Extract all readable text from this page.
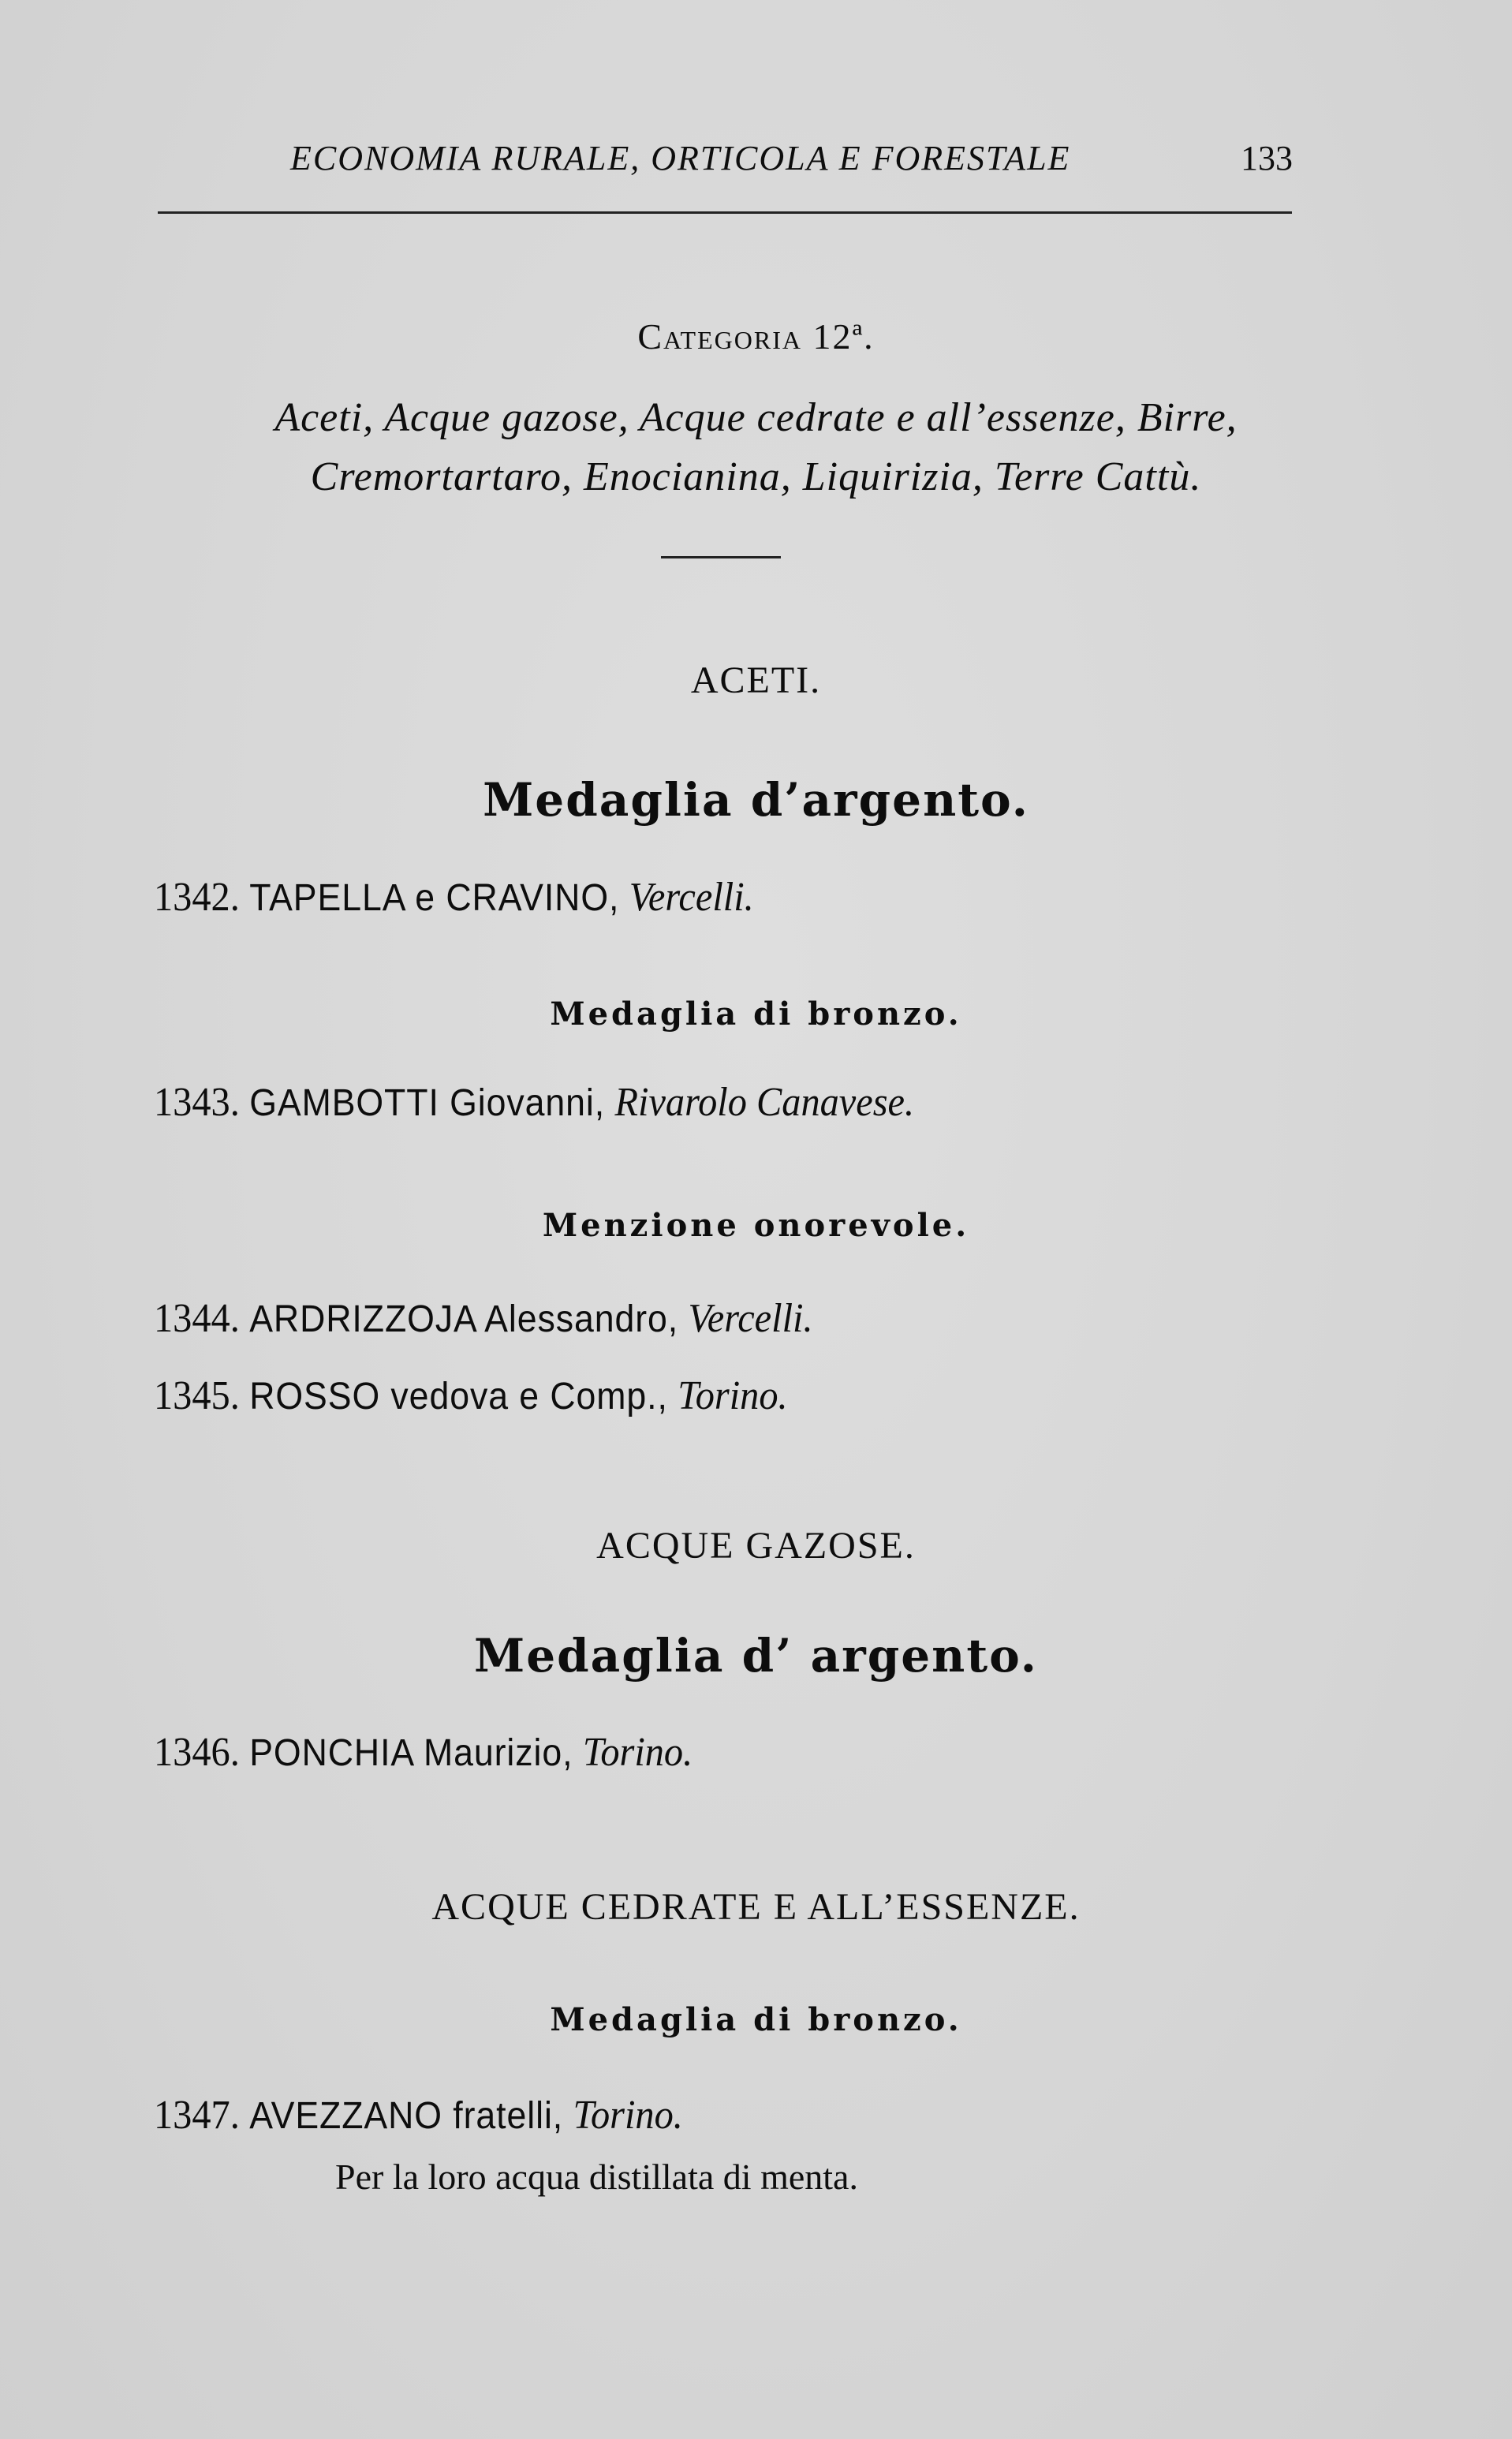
ECONOMIA RURALE, ORTICOLA E FORESTALE	133
Categoria 12ª.
Aceti, Acque gazose, Acque cedrate e all’essenze, Birre,
Cremortartaro, Enocianina, Liquirizia, Terre Cattù.
ACETI.
Medaglia d’argento.
1342. TAPELLA e CRAVINO, Vercelli.
Medaglia di bronzo.
1343. GAMBOTTI Giovanni, Rivarolo Canavese.
Menzione onorevole.
1344. ARDRIZZOJA Alessandro, Vercelli.
1345. ROSSO vedova e Comp., Torino.
ACQUE GAZOSE.
Medaglia d’ argento.
1346. PONCHIA Maurizio, Torino.
ACQUE CEDRATE E ALL’ESSENZE.
Medaglia di bronzo.
1347. AVEZZANO fratelli, Torino.
Per la loro acqua distillata di menta.
